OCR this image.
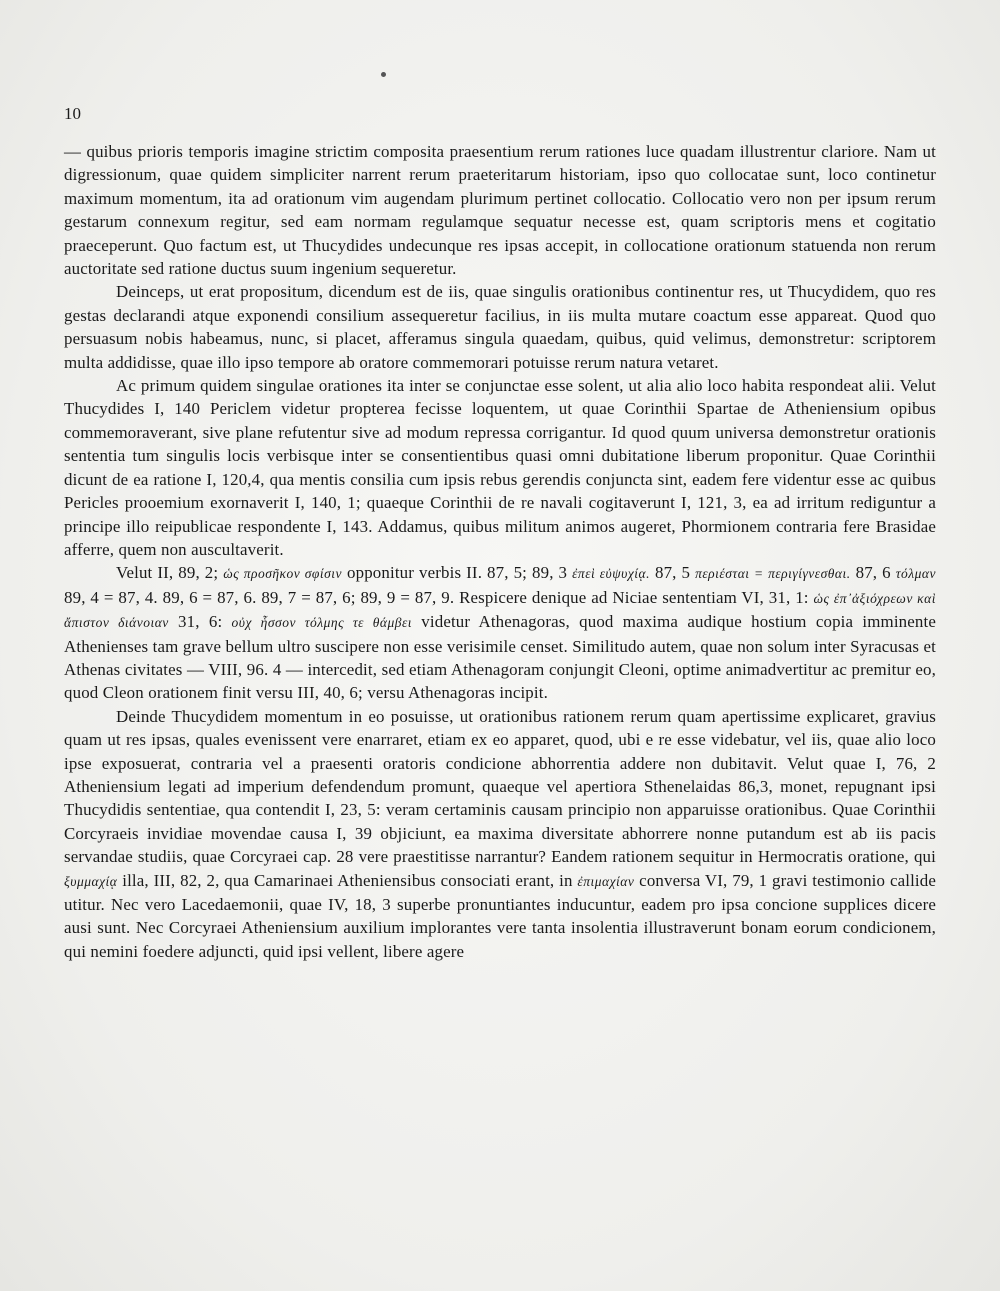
10

— quibus prioris temporis imagine strictim composita praesentium rerum rationes luce quadam illustrentur clariore. Nam ut digressionum, quae quidem simpliciter narrent rerum praeteritarum historiam, ipso quo collocatae sunt, loco continetur maximum momentum, ita ad orationum vim augendam plurimum pertinet collocatio. Collocatio vero non per ipsum rerum gestarum connexum regitur, sed eam normam regulamque sequatur necesse est, quam scriptoris mens et cogitatio praeceperunt. Quo factum est, ut Thucydides undecunque res ipsas accepit, in collocatione orationum statuenda non rerum auctoritate sed ratione ductus suum ingenium sequeretur.

Deinceps, ut erat propositum, dicendum est de iis, quae singulis orationibus continentur res, ut Thucydidem, quo res gestas declarandi atque exponendi consilium assequeretur facilius, in iis multa mutare coactum esse appareat. Quod quo persuasum nobis habeamus, nunc, si placet, afferamus singula quaedam, quibus, quid velimus, demonstretur: scriptorem multa addidisse, quae illo ipso tempore ab oratore commemorari potuisse rerum natura vetaret.

Ac primum quidem singulae orationes ita inter se conjunctae esse solent, ut alia alio loco habita respondeat alii. Velut Thucydides I, 140 Periclem videtur propterea fecisse loquentem, ut quae Corinthii Spartae de Atheniensium opibus commemoraverant, sive plane refutentur sive ad modum repressa corrigantur. Id quod quum universa demonstretur orationis sententia tum singulis locis verbisque inter se consentientibus quasi omni dubitatione liberum proponitur. Quae Corinthii dicunt de ea ratione I, 120,4, qua mentis consilia cum ipsis rebus gerendis conjuncta sint, eadem fere videntur esse ac quibus Pericles prooemium exornaverit I, 140, 1; quaeque Corinthii de re navali cogitaverunt I, 121, 3, ea ad irritum rediguntur a principe illo reipublicae respondente I, 143. Addamus, quibus militum animos augeret, Phormionem contraria fere Brasidae afferre, quem non auscultaverit.

Velut II, 89, 2; ὡς προσῆκον σφίσιν opponitur verbis II. 87, 5; 89, 3 ἐπεὶ εὐψυχίᾳ. 87, 5 περιέσται = περιγίγνεσθαι. 87, 6 τόλμαν 89, 4 = 87, 4. 89, 6 = 87, 6. 89, 7 = 87, 6; 89, 9 = 87, 9. Respicere denique ad Niciae sententiam VI, 31, 1: ὡς ἐπ᾽ἀξιόχρεων καὶ ἄπιστον διάνοιαν 31, 6: οὐχ ἧσσον τόλμης τε θάμβει videtur Athenagoras, quod maxima audique hostium copia imminente Athenienses tam grave bellum ultro suscipere non esse verisimile censet. Similitudo autem, quae non solum inter Syracusas et Athenas civitates — VIII, 96. 4 — intercedit, sed etiam Athenagoram conjungit Cleoni, optime animadvertitur ac premitur eo, quod Cleon orationem finit versu III, 40, 6; versu Athenagoras incipit.

Deinde Thucydidem momentum in eo posuisse, ut orationibus rationem rerum quam apertissime explicaret, gravius quam ut res ipsas, quales evenissent vere enarraret, etiam ex eo apparet, quod, ubi e re esse videbatur, vel iis, quae alio loco ipse exposuerat, contraria vel a praesenti oratoris condicione abhorrentia addere non dubitavit. Velut quae I, 76, 2 Atheniensium legati ad imperium defendendum promunt, quaeque vel apertiora Sthenelaidas 86,3, monet, repugnant ipsi Thucydidis sententiae, qua contendit I, 23, 5: veram certaminis causam principio non apparuisse orationibus. Quae Corinthii Corcyraeis invidiae movendae causa I, 39 objiciunt, ea maxima diversitate abhorrere nonne putandum est ab iis pacis servandae studiis, quae Corcyraei cap. 28 vere praestitisse narrantur? Eandem rationem sequitur in Hermocratis oratione, qui ξυμμαχίᾳ illa, III, 82, 2, qua Camarinaei Atheniensibus consociati erant, in ἐπιμαχίαν conversa VI, 79, 1 gravi testimonio callide utitur. Nec vero Lacedaemonii, quae IV, 18, 3 superbe pronuntiantes inducuntur, eadem pro ipsa concione supplices dicere ausi sunt. Nec Corcyraei Atheniensium auxilium implorantes vere tanta insolentia illustraverunt bonam eorum condicionem, qui nemini foedere adjuncti, quid ipsi vellent, libere agere
